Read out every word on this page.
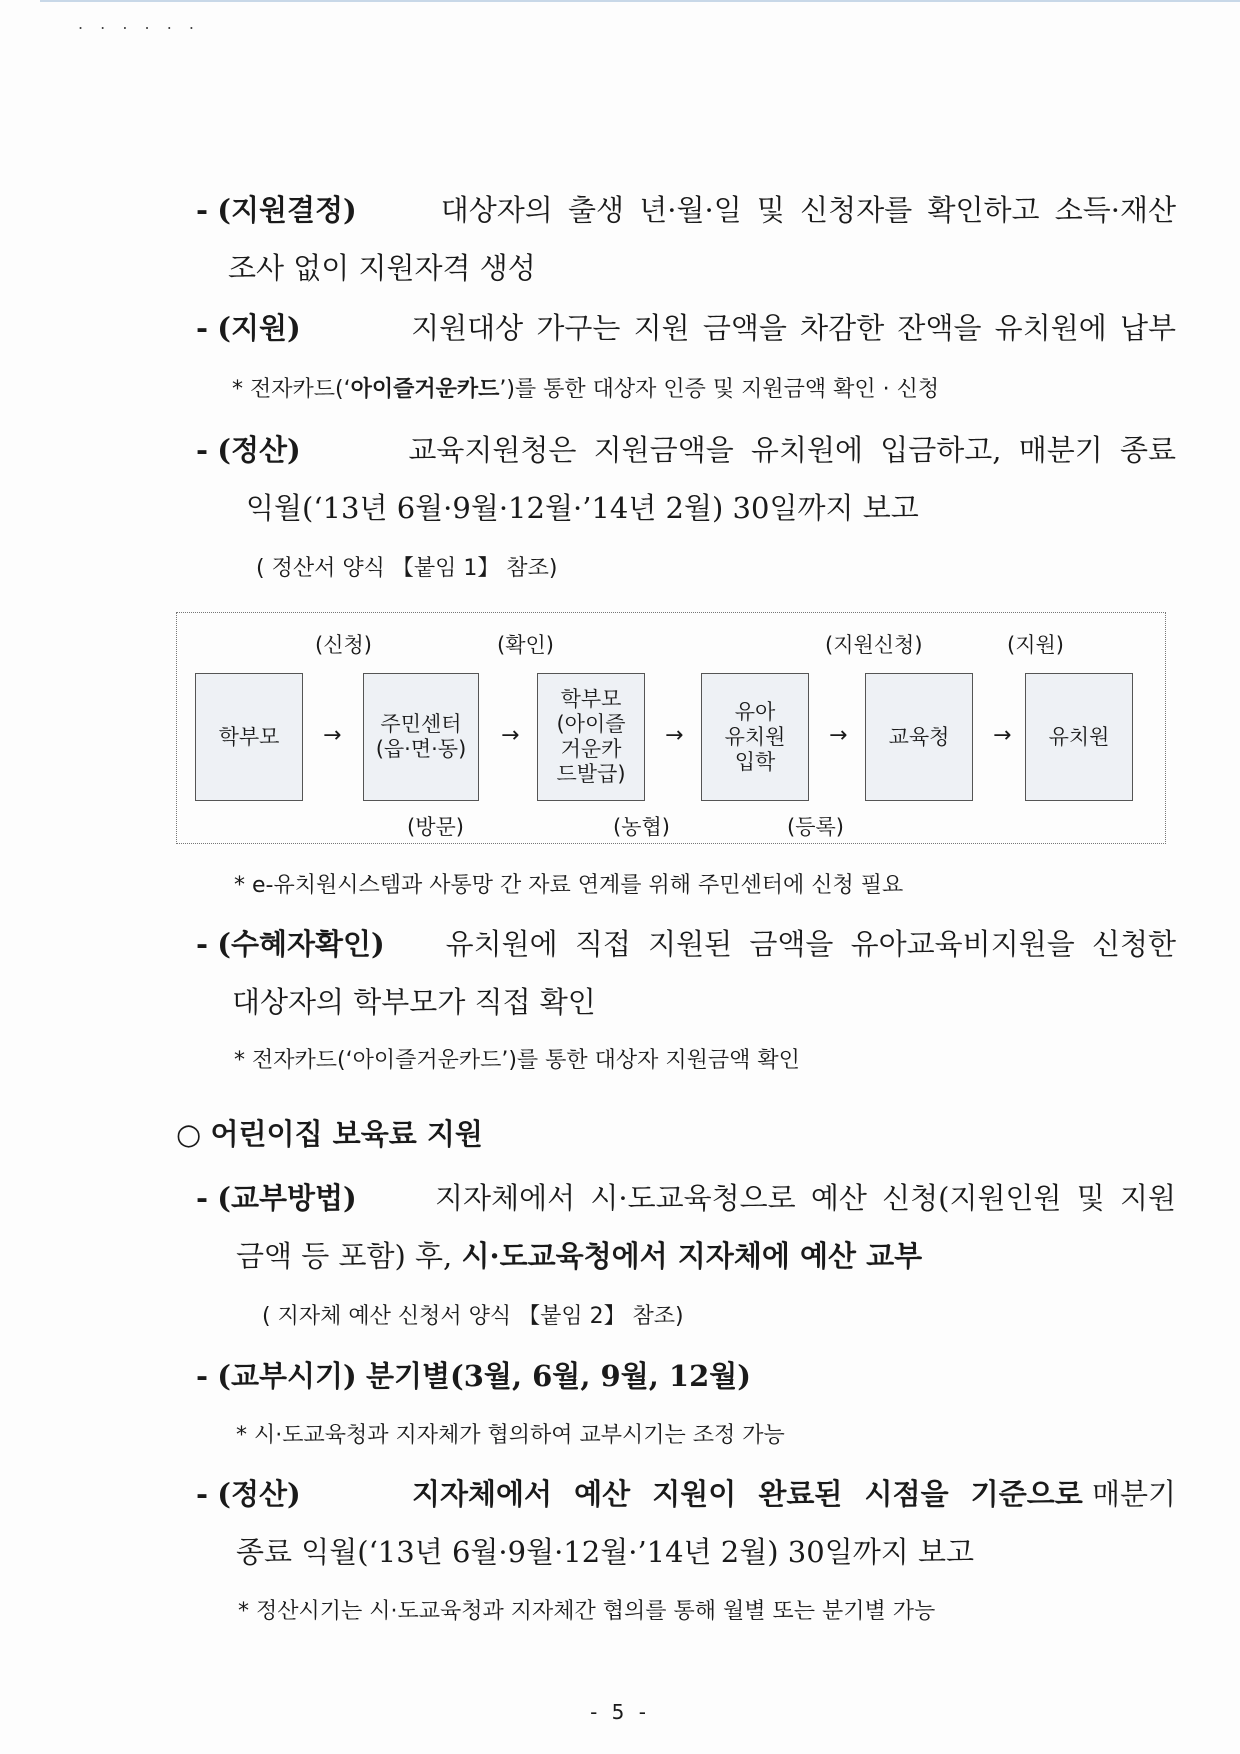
. . . . . .
- (지원결정)	대상자의 출생 년·월·일 및 신청자를 확인하고 소득·재산
조사 없이 지원자격 생성
- (지원)	지원대상 가구는 지원 금액을 차감한 잔액을 유치원에 납부
* 전자카드(‘아이즐거운카드’)를 통한 대상자 인증 및 지원금액 확인 · 신청
- (정산)	교육지원청은 지원금액을 유치원에 입금하고, 매분기 종료
익월(‘13년 6월·9월·12월·’14년 2월) 30일까지 보고
( 정산서 양식 【붙임 1】 참조)
(신청)	(확인)	(지원신청)	(지원)
학부모	→	주민센터
(읍·면·동)
→
학부모
(아이즐
거운카
드발급)
→
유아
유치원
입학
→	교육청	→	유치원
(방문)	(농협)	(등록)
* e-유치원시스템과 사통망 간 자료 연계를 위해 주민센터에 신청 필요
- (수혜자확인) 유치원에 직접 지원된 금액을 유아교육비지원을 신청한
대상자의 학부모가 직접 확인
* 전자카드(‘아이즐거운카드’)를 통한 대상자 지원금액 확인
○ 어린이집 보육료 지원
- (교부방법)	지자체에서 시·도교육청으로 예산 신청(지원인원 및 지원
금액 등 포함) 후, 시·도교육청에서 지자체에 예산 교부
( 지자체 예산 신청서 양식 【붙임 2】 참조)
- (교부시기) 분기별(3월, 6월, 9월, 12월)
* 시·도교육청과 지자체가 협의하여 교부시기는 조정 가능
- (정산)	지자체에서 예산 지원이 완료된 시점을 기준으로 매분기
종료 익월(‘13년 6월·9월·12월·’14년 2월) 30일까지 보고
* 정산시기는 시·도교육청과 지자체간 협의를 통해 월별 또는 분기별 가능
- 5 -
